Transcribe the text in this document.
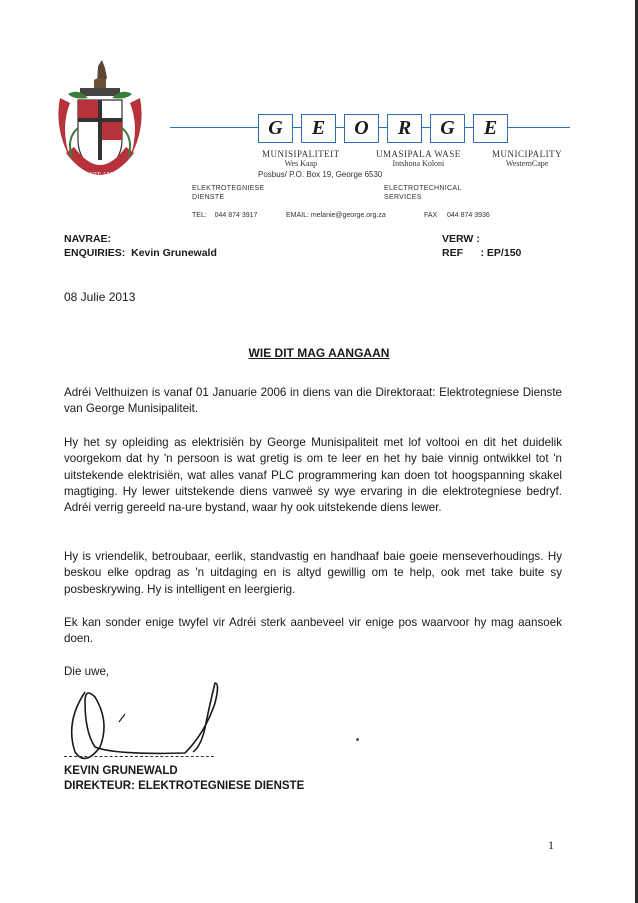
NEC ANTE AMARET
G	E	O	R	G	E
MUNISIPALITEIT
Wes Kaap
UMASIPALA WASE
Intshona Koloni
MUNICIPALITY
WesternCape
Posbus/ P.O. Box 19, George 6530
ELEKTROTEGNIESE
DIENSTE
ELECTROTECHNICAL
SERVICES
TEL: 044 874 3917	EMAIL: melanie@george.org.za	FAX 044 874 3936
NAVRAE:
ENQUIRIES: Kevin Grunewald
VERW :
REF : EP/150
08 Julie 2013
WIE DIT MAG AANGAAN
Adréi Velthuizen is vanaf 01 Januarie 2006 in diens van die Direktoraat: Elektrotegniese Dienste van George Munisipaliteit.
Hy het sy opleiding as elektrisiën by George Munisipaliteit met lof voltooi en dit het duidelik voorgekom dat hy 'n persoon is wat gretig is om te leer en het hy baie vinnig ontwikkel tot 'n uitstekende elektrisiën, wat alles vanaf PLC programmering kan doen tot hoogspanning skakel magtiging. Hy lewer uitstekende diens vanweë sy wye ervaring in die elektrotegniese bedryf. Adréi verrig gereeld na-ure bystand, waar hy ook uitstekende diens lewer.
Hy is vriendelik, betroubaar, eerlik, standvastig en handhaaf baie goeie menseverhoudings. Hy beskou elke opdrag as 'n uitdaging en is altyd gewillig om te help, ook met take buite sy posbeskrywing. Hy is intelligent en leergierig.
Ek kan sonder enige twyfel vir Adréi sterk aanbeveel vir enige pos waarvoor hy mag aansoek doen.
Die uwe,
KEVIN GRUNEWALD
DIREKTEUR: ELEKTROTEGNIESE DIENSTE
1
